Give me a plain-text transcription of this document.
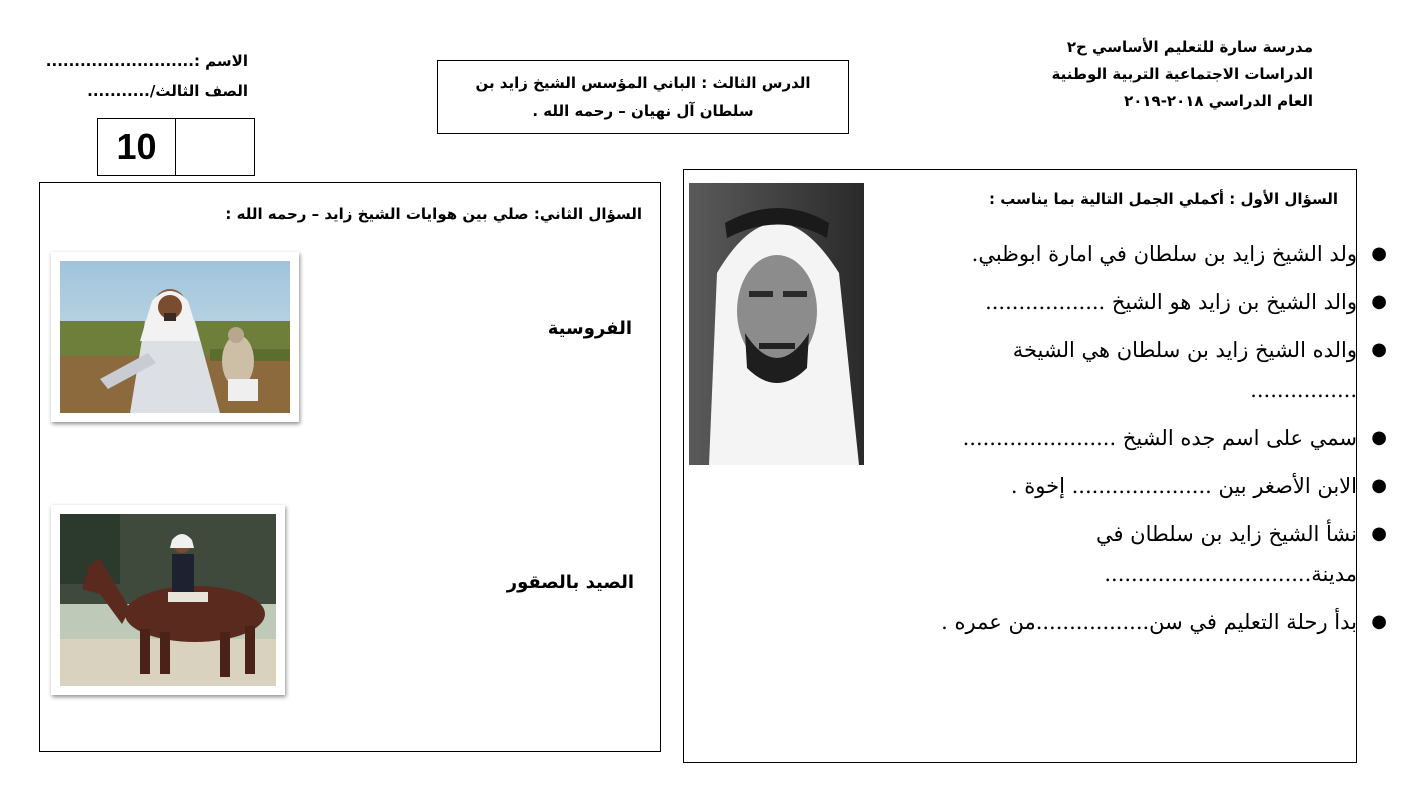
مدرسة سارة للتعليم الأساسي ح٢
الدراسات الاجتماعية التربية الوطنية
العام الدراسي ٢٠١٨-٢٠١٩
الدرس الثالث : الباني المؤسس الشيخ زايد بن
سلطان آل نهيان – رحمه الله .
الاسم :..........................
الصف الثالث/...........
10
السؤال الثاني: صلي بين هوايات الشيخ زايد – رحمه الله :
الفروسية
الصيد بالصقور
السؤال الأول : أكملي الجمل التالية بما يناسب :
●
ولد الشيخ زايد بن سلطان في امارة ابوظبي.
●
والد الشيخ بن زايد هو الشيخ ..................
●
والده الشيخ زايد بن سلطان هي الشيخة
................
●
سمي على اسم جده الشيخ .......................
●
الابن الأصغر بين ..................... إخوة .
●
نشأ الشيخ زايد بن سلطان في
مدينة...............................
●
بدأ رحلة التعليم في سن.................من عمره .
